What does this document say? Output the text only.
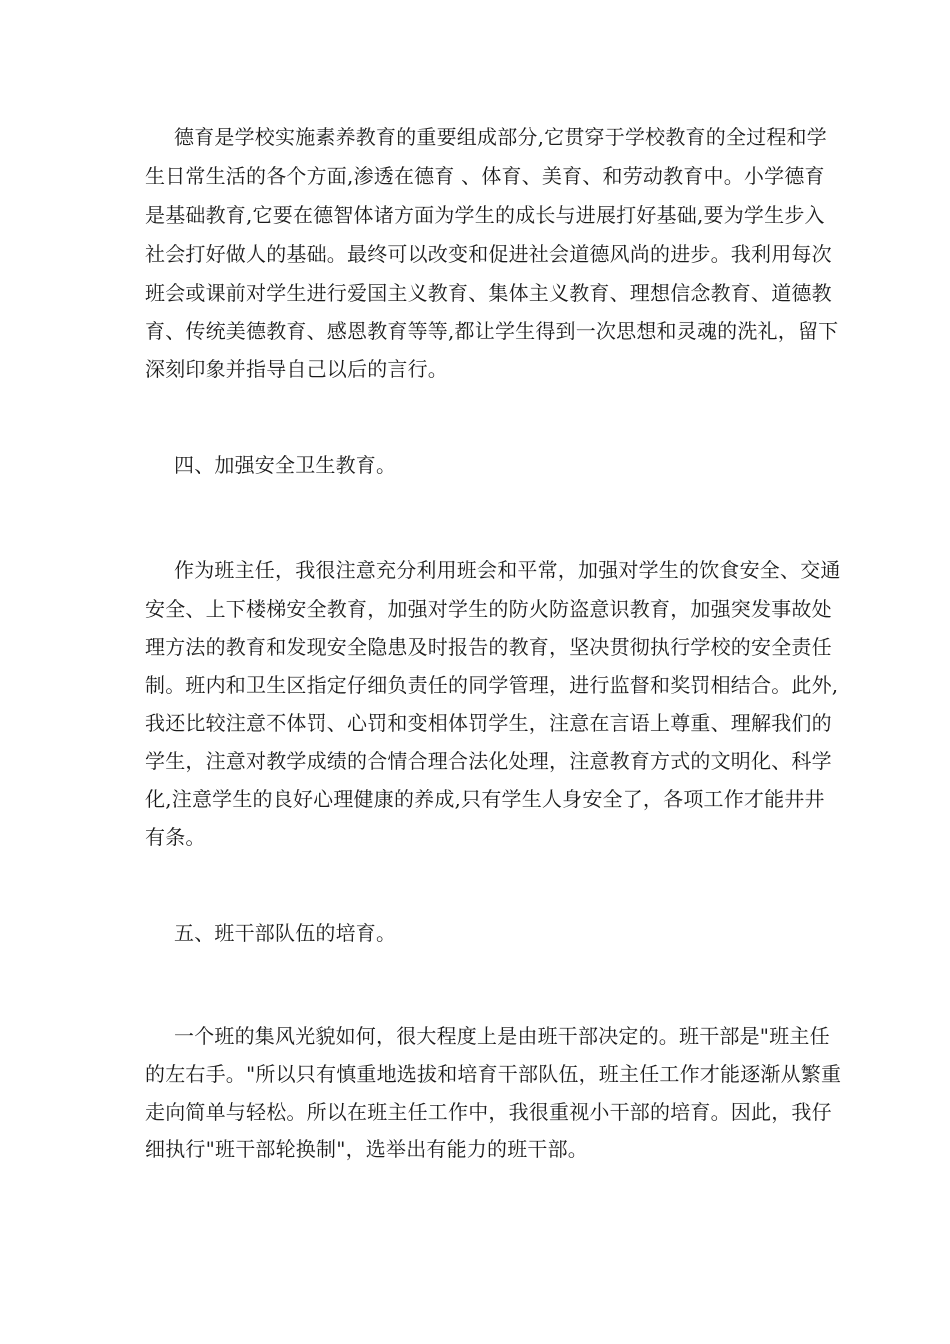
德育是学校实施素养教育的重要组成部分,它贯穿于学校教育的全过程和学
生日常生活的各个方面,渗透在德育 、体育、美育、和劳动教育中。小学德育
是基础教育,它要在德智体诸方面为学生的成长与进展打好基础,要为学生步入
社会打好做人的基础。最终可以改变和促进社会道德风尚的进步。我利用每次
班会或课前对学生进行爱国主义教育、集体主义教育、理想信念教育、道德教
育、传统美德教育、感恩教育等等,都让学生得到一次思想和灵魂的洗礼，留下
深刻印象并指导自己以后的言行。
四、加强安全卫生教育。
作为班主任，我很注意充分利用班会和平常，加强对学生的饮食安全、交通
安全、上下楼梯安全教育，加强对学生的防火防盗意识教育，加强突发事故处
理方法的教育和发现安全隐患及时报告的教育，坚决贯彻执行学校的安全责任
制。班内和卫生区指定仔细负责任的同学管理，进行监督和奖罚相结合。此外,
我还比较注意不体罚、心罚和变相体罚学生，注意在言语上尊重、理解我们的
学生，注意对教学成绩的合情合理合法化处理，注意教育方式的文明化、科学
化,注意学生的良好心理健康的养成,只有学生人身安全了，各项工作才能井井
有条。
五、班干部队伍的培育。
一个班的集风光貌如何，很大程度上是由班干部决定的。班干部是"班主任
的左右手。"所以只有慎重地选拔和培育干部队伍，班主任工作才能逐渐从繁重
走向简单与轻松。所以在班主任工作中，我很重视小干部的培育。因此，我仔
细执行"班干部轮换制"，选举出有能力的班干部。
